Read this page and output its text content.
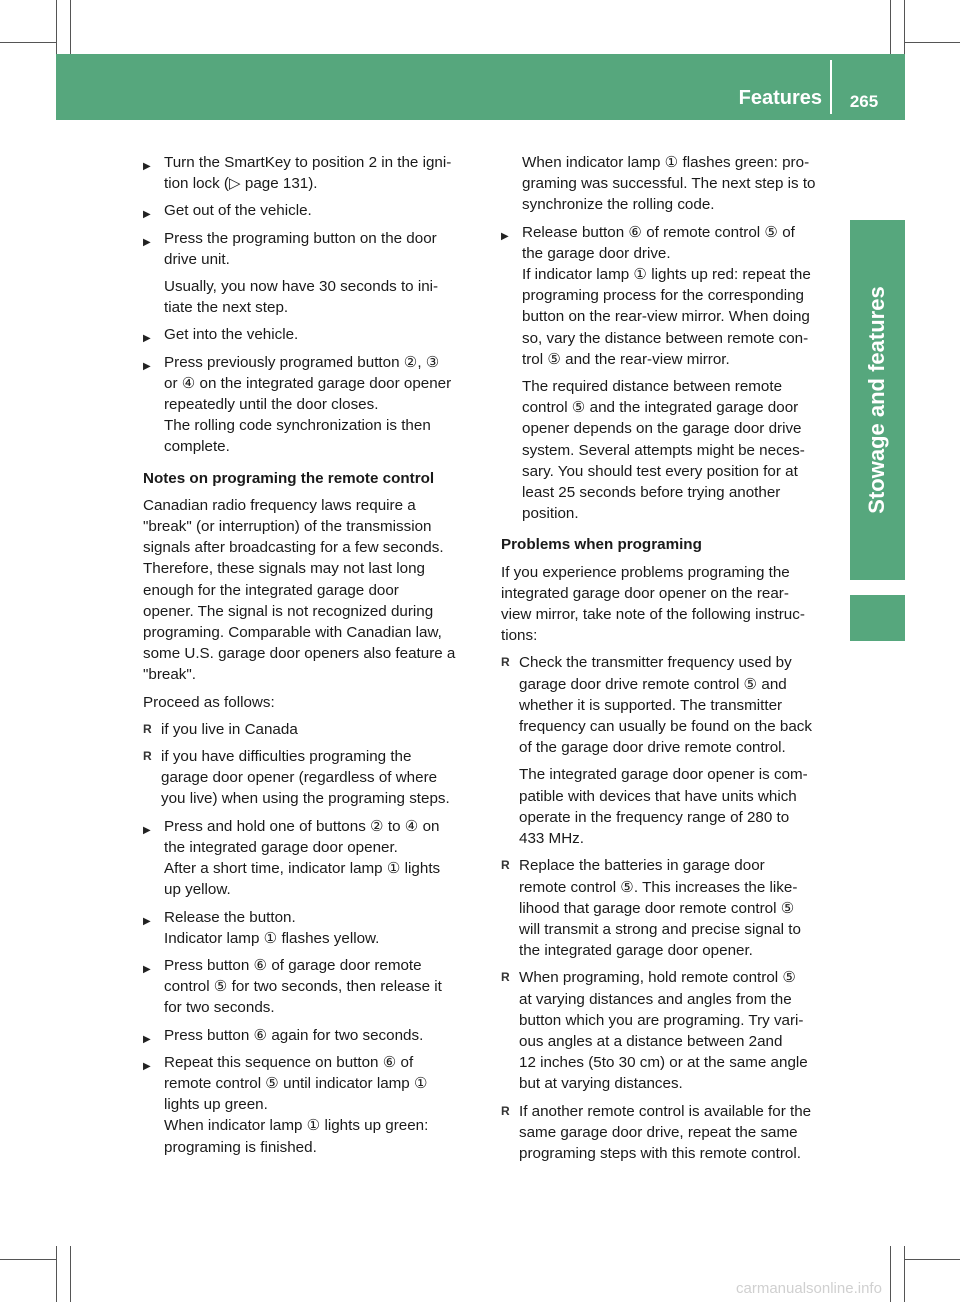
Features	265
Stowage and features
▶ Turn the SmartKey to position 2 in the igni-
tion lock (▷ page 131).
▶ Get out of the vehicle.
▶ Press the programing button on the door
drive unit.
Usually, you now have 30 seconds to ini-
tiate the next step.
▶ Get into the vehicle.
▶ Press previously programed button ②, ③
or ④ on the integrated garage door opener
repeatedly until the door closes.
The rolling code synchronization is then
complete.
Notes on programing the remote control
Canadian radio frequency laws require a
"break" (or interruption) of the transmission
signals after broadcasting for a few seconds.
Therefore, these signals may not last long
enough for the integrated garage door
opener. The signal is not recognized during
programing. Comparable with Canadian law,
some U.S. garage door openers also feature a
"break".
Proceed as follows:
R if you live in Canada
R if you have difficulties programing the
garage door opener (regardless of where
you live) when using the programing steps.
▶ Press and hold one of buttons ② to ④ on
the integrated garage door opener.
After a short time, indicator lamp ① lights
up yellow.
▶ Release the button.
Indicator lamp ① flashes yellow.
▶ Press button ⑥ of garage door remote
control ⑤ for two seconds, then release it
for two seconds.
▶ Press button ⑥ again for two seconds.
▶ Repeat this sequence on button ⑥ of
remote control ⑤ until indicator lamp ①
lights up green.
When indicator lamp ① lights up green:
programing is finished.
When indicator lamp ① flashes green: pro-
graming was successful. The next step is to
synchronize the rolling code.
▶ Release button ⑥ of remote control ⑤ of
the garage door drive.
If indicator lamp ① lights up red: repeat the
programing process for the corresponding
button on the rear-view mirror. When doing
so, vary the distance between remote con-
trol ⑤ and the rear-view mirror.
The required distance between remote
control ⑤ and the integrated garage door
opener depends on the garage door drive
system. Several attempts might be neces-
sary. You should test every position for at
least 25 seconds before trying another
position.
Problems when programing
If you experience problems programing the
integrated garage door opener on the rear-
view mirror, take note of the following instruc-
tions:
R Check the transmitter frequency used by
garage door drive remote control ⑤ and
whether it is supported. The transmitter
frequency can usually be found on the back
of the garage door drive remote control.
The integrated garage door opener is com-
patible with devices that have units which
operate in the frequency range of 280 to
433 MHz.
R Replace the batteries in garage door
remote control ⑤. This increases the like-
lihood that garage door remote control ⑤
will transmit a strong and precise signal to
the integrated garage door opener.
R When programing, hold remote control ⑤
at varying distances and angles from the
button which you are programing. Try vari-
ous angles at a distance between 2and
12 inches (5to 30 cm) or at the same angle
but at varying distances.
R If another remote control is available for the
same garage door drive, repeat the same
programing steps with this remote control.
carmanualsonline.info
